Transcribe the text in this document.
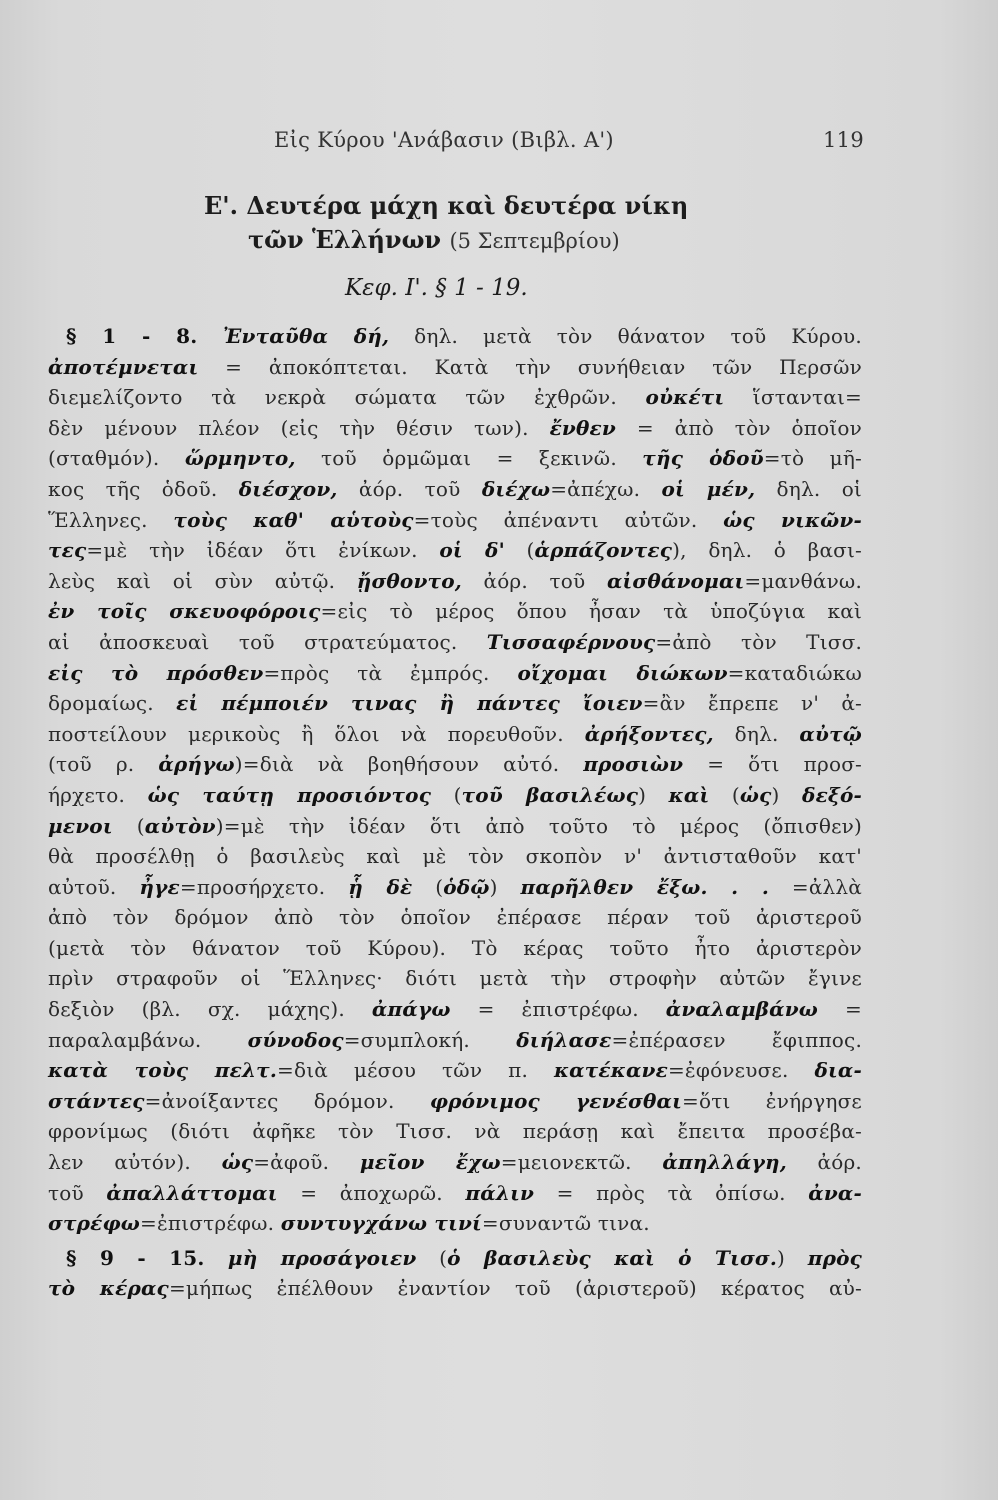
Εἰς Κύρου 'Ανάβασιν (Βιβλ. Α')	119
Ε'. Δευτέρα μάχη καὶ δευτέρα νίκη
τῶν Ἑλλήνων (5 Σεπτεμβρίου)
Κεφ. Ι'. § 1 - 19.
§ 1 - 8. Ἐνταῦθα δή, δηλ. μετὰ τὸν θάνατον τοῦ Κύρου.
ἀποτέμνεται = ἀποκόπτεται. Κατὰ τὴν συνήθειαν τῶν Περσῶν
διεμελίζοντο τὰ νεκρὰ σώματα τῶν ἐχθρῶν. οὐκέτι ἵστανται=
δὲν μένουν πλέον (εἰς τὴν θέσιν των). ἔνθεν = ἀπὸ τὸν ὁποῖον
(σταθμόν). ὥρμηντο, τοῦ ὁρμῶμαι = ξεκινῶ. τῆς ὁδοῦ=τὸ μῆ-
κος τῆς ὁδοῦ. διέσχον, ἀόρ. τοῦ διέχω=ἀπέχω. οἱ μέν, δηλ. οἱ
Ἕλληνες. τοὺς καθ' αὑτοὺς=τοὺς ἀπέναντι αὐτῶν. ὡς νικῶν-
τες=μὲ τὴν ἰδέαν ὅτι ἐνίκων. οἱ δ' (ἁρπάζοντες), δηλ. ὁ βασι-
λεὺς καὶ οἱ σὺν αὐτῷ. ᾔσθοντο, ἀόρ. τοῦ αἰσθάνομαι=μανθάνω.
ἐν τοῖς σκευοφόροις=εἰς τὸ μέρος ὅπου ἦσαν τὰ ὑποζύγια καὶ
αἱ ἀποσκευαὶ τοῦ στρατεύματος. Τισσαφέρνους=ἀπὸ τὸν Τισσ.
εἰς τὸ πρόσθεν=πρὸς τὰ ἐμπρός. οἴχομαι διώκων=καταδιώκω
δρομαίως. εἰ πέμποιέν τινας ἢ πάντες ἴοιεν=ἂν ἔπρεπε ν' ἀ-
ποστείλουν μερικοὺς ἢ ὅλοι νὰ πορευθοῦν. ἀρήξοντες, δηλ. αὐτῷ
(τοῦ ρ. ἀρήγω)=διὰ νὰ βοηθήσουν αὐτό. προσιὼν = ὅτι προσ-
ήρχετο. ὡς ταύτῃ προσιόντος (τοῦ βασιλέως) καὶ (ὡς) δεξό-
μενοι (αὐτὸν)=μὲ τὴν ἰδέαν ὅτι ἀπὸ τοῦτο τὸ μέρος (ὄπισθεν)
θὰ προσέλθῃ ὁ βασιλεὺς καὶ μὲ τὸν σκοπὸν ν' ἀντισταθοῦν κατ'
αὐτοῦ. ἦγε=προσήρχετο. ᾗ δὲ (ὁδῷ) παρῆλθεν ἔξω. . . =ἀλλὰ
ἀπὸ τὸν δρόμον ἀπὸ τὸν ὁποῖον ἐπέρασε πέραν τοῦ ἀριστεροῦ
(μετὰ τὸν θάνατον τοῦ Κύρου). Τὸ κέρας τοῦτο ἦτο ἀριστερὸν
πρὶν στραφοῦν οἱ Ἕλληνες· διότι μετὰ τὴν στροφὴν αὐτῶν ἔγινε
δεξιὸν (βλ. σχ. μάχης). ἀπάγω = ἐπιστρέφω. ἀναλαμβάνω =
παραλαμβάνω. σύνοδος=συμπλοκή. διήλασε=ἐπέρασεν ἔφιππος.
κατὰ τοὺς πελτ.=διὰ μέσου τῶν π. κατέκανε=ἐφόνευσε. δια-
στάντες=ἀνοίξαντες δρόμον. φρόνιμος γενέσθαι=ὅτι ἐνήργησε
φρονίμως (διότι ἀφῆκε τὸν Τισσ. νὰ περάσῃ καὶ ἔπειτα προσέβα-
λεν αὐτόν). ὡς=ἀφοῦ. μεῖον ἔχω=μειονεκτῶ. ἀπηλλάγη, ἀόρ.
τοῦ ἀπαλλάττομαι = ἀποχωρῶ. πάλιν = πρὸς τὰ ὀπίσω. ἀνα-
στρέφω=ἐπιστρέφω. συντυγχάνω τινί=συναντῶ τινα.
§ 9 - 15. μὴ προσάγοιεν (ὁ βασιλεὺς καὶ ὁ Τισσ.) πρὸς
τὸ κέρας=μήπως ἐπέλθουν ἐναντίον τοῦ (ἀριστεροῦ) κέρατος αὐ-
